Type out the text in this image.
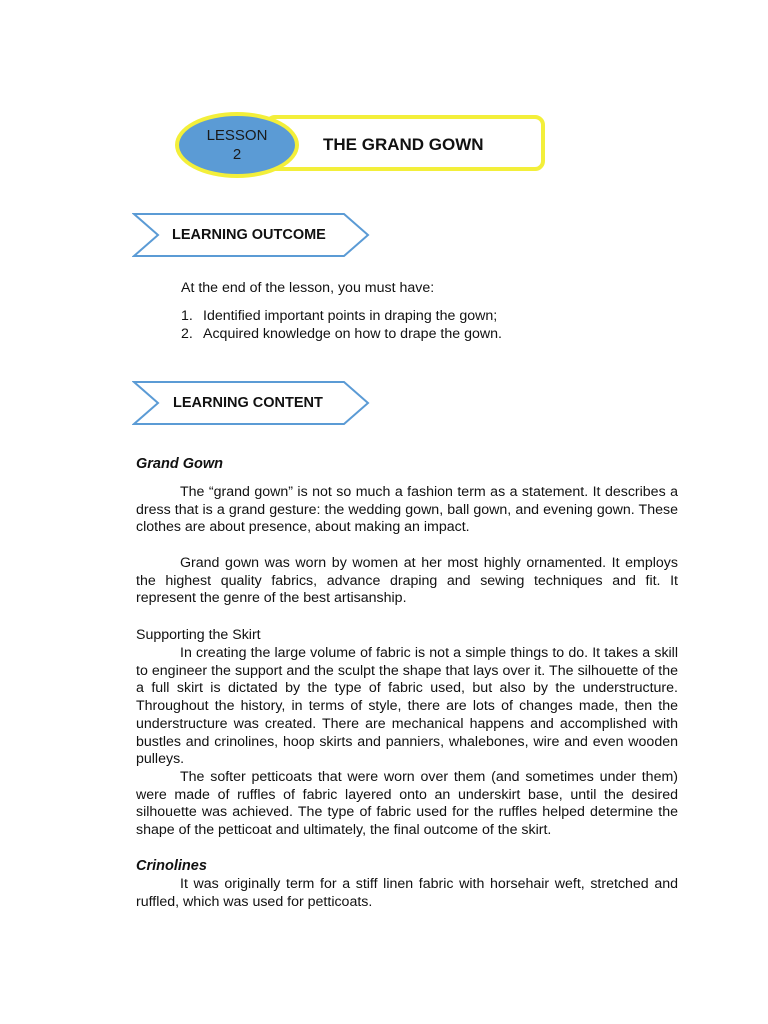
THE GRAND GOWN
LESSON
2
LEARNING OUTCOME
At the end of the lesson, you must have:
1. Identified important points in draping the gown;
2. Acquired knowledge on how to drape the gown.
LEARNING CONTENT
Grand Gown
The “grand gown” is not so much a fashion term as a statement. It describes a dress that is a grand gesture: the wedding gown, ball gown, and evening gown. These clothes are about presence, about making an impact.
Grand gown was worn by women at her most highly ornamented. It employs the highest quality fabrics, advance draping and sewing techniques and fit. It represent the genre of the best artisanship.
Supporting the Skirt
In creating the large volume of fabric is not a simple things to do. It takes a skill to engineer the support and the sculpt the shape that lays over it. The silhouette of the a full skirt is dictated by the type of fabric used, but also by the understructure. Throughout the history, in terms of style, there are lots of changes made, then the understructure was created. There are mechanical happens and accomplished with bustles and crinolines, hoop skirts and panniers, whalebones, wire and even wooden pulleys.
The softer petticoats that were worn over them (and sometimes under them) were made of ruffles of fabric layered onto an underskirt base, until the desired silhouette was achieved. The type of fabric used for the ruffles helped determine the shape of the petticoat and ultimately, the final outcome of the skirt.
Crinolines
It was originally term for a stiff linen fabric with horsehair weft, stretched and ruffled, which was used for petticoats.
